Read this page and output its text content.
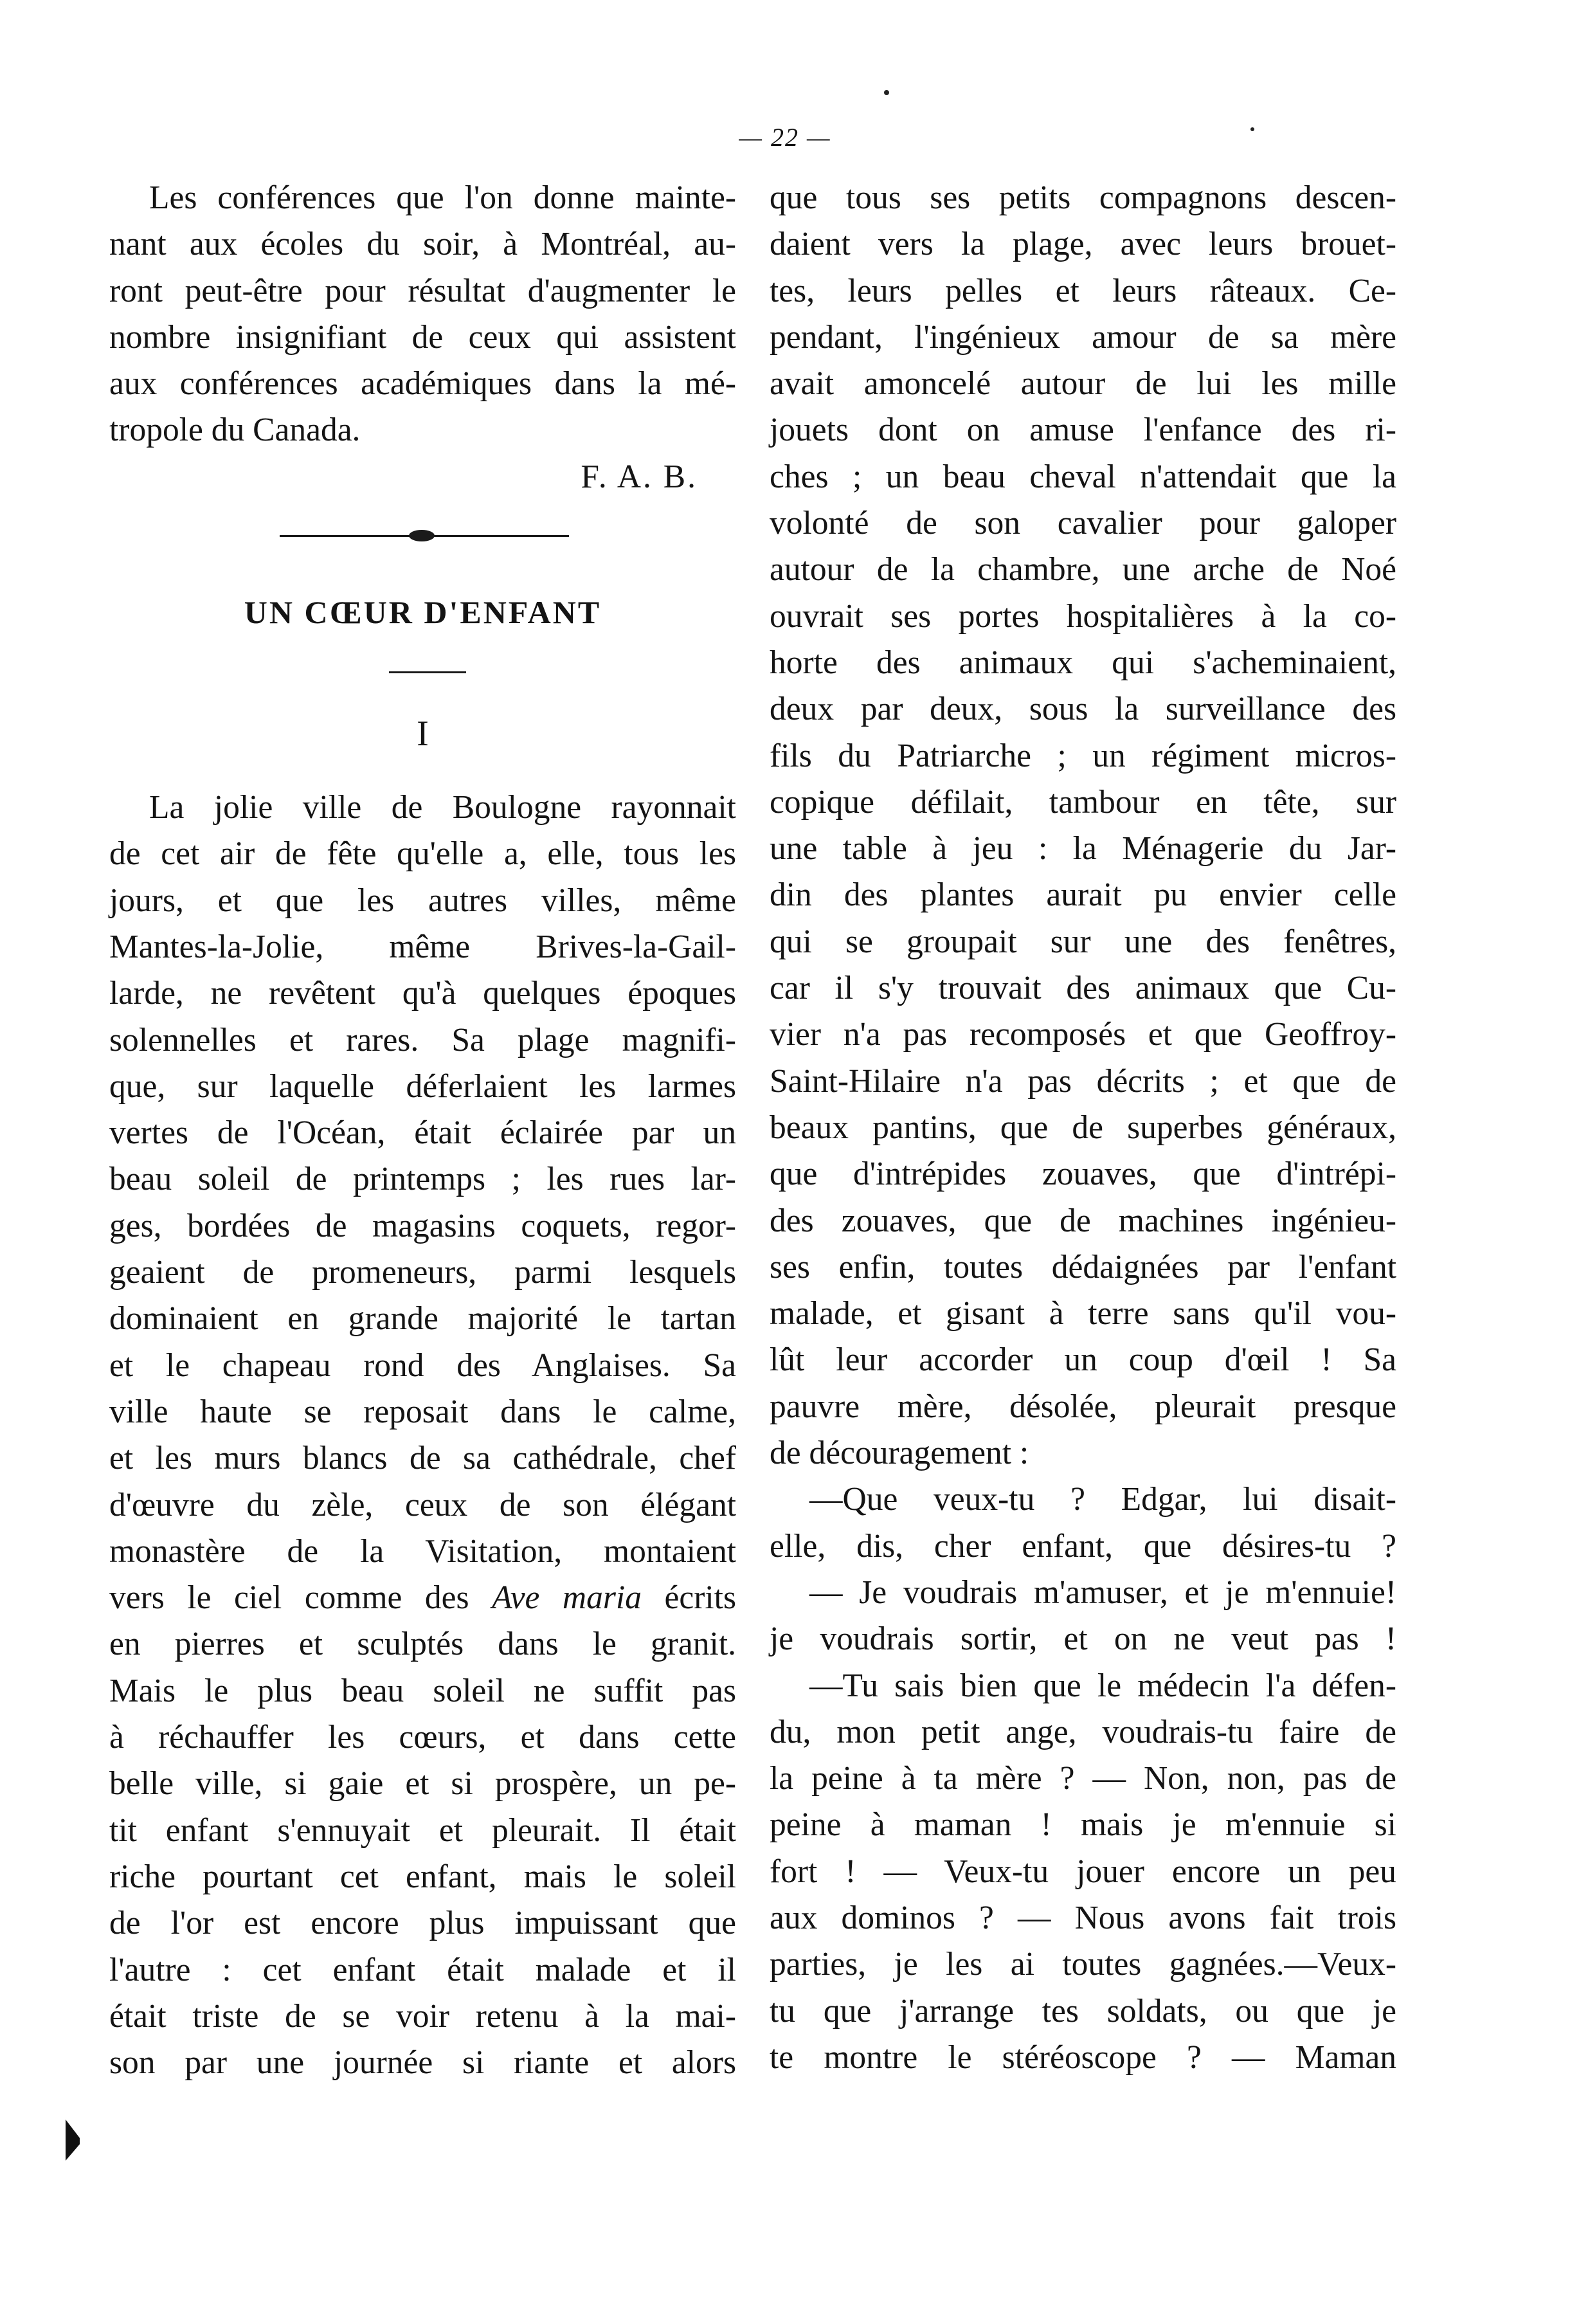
— 22 —
Les conférences que l'on donne mainte-
nant aux écoles du soir, à Montréal, au-
ront peut-être pour résultat d'augmenter le
nombre insignifiant de ceux qui assistent
aux conférences académiques dans la mé-
tropole du Canada.
F. A. B.
UN CŒUR D'ENFANT
I
La jolie ville de Boulogne rayonnait
de cet air de fête qu'elle a, elle, tous les
jours, et que les autres villes, même
Mantes-la-Jolie, même Brives-la-Gail-
larde, ne revêtent qu'à quelques époques
solennelles et rares. Sa plage magnifi-
que, sur laquelle déferlaient les larmes
vertes de l'Océan, était éclairée par un
beau soleil de printemps ; les rues lar-
ges, bordées de magasins coquets, regor-
geaient de promeneurs, parmi lesquels
dominaient en grande majorité le tartan
et le chapeau rond des Anglaises. Sa
ville haute se reposait dans le calme,
et les murs blancs de sa cathédrale, chef
d'œuvre du zèle, ceux de son élégant
monastère de la Visitation, montaient
vers le ciel comme des Ave maria écrits
en pierres et sculptés dans le granit.
Mais le plus beau soleil ne suffit pas
à réchauffer les cœurs, et dans cette
belle ville, si gaie et si prospère, un pe-
tit enfant s'ennuyait et pleurait. Il était
riche pourtant cet enfant, mais le soleil
de l'or est encore plus impuissant que
l'autre : cet enfant était malade et il
était triste de se voir retenu à la mai-
son par une journée si riante et alors
que tous ses petits compagnons descen-
daient vers la plage, avec leurs brouet-
tes, leurs pelles et leurs râteaux. Ce-
pendant, l'ingénieux amour de sa mère
avait amoncelé autour de lui les mille
jouets dont on amuse l'enfance des ri-
ches ; un beau cheval n'attendait que la
volonté de son cavalier pour galoper
autour de la chambre, une arche de Noé
ouvrait ses portes hospitalières à la co-
horte des animaux qui s'acheminaient,
deux par deux, sous la surveillance des
fils du Patriarche ; un régiment micros-
copique défilait, tambour en tête, sur
une table à jeu : la Ménagerie du Jar-
din des plantes aurait pu envier celle
qui se groupait sur une des fenêtres,
car il s'y trouvait des animaux que Cu-
vier n'a pas recomposés et que Geoffroy-
Saint-Hilaire n'a pas décrits ; et que de
beaux pantins, que de superbes généraux,
que d'intrépides zouaves, que d'intrépi-
des zouaves, que de machines ingénieu-
ses enfin, toutes dédaignées par l'enfant
malade, et gisant à terre sans qu'il vou-
lût leur accorder un coup d'œil ! Sa
pauvre mère, désolée, pleurait presque
de découragement :
—Que veux-tu ? Edgar, lui disait-
elle, dis, cher enfant, que désires-tu ?
— Je voudrais m'amuser, et je m'ennuie!
je voudrais sortir, et on ne veut pas !
—Tu sais bien que le médecin l'a défen-
du, mon petit ange, voudrais-tu faire de
la peine à ta mère ? — Non, non, pas de
peine à maman ! mais je m'ennuie si
fort ! — Veux-tu jouer encore un peu
aux dominos ? — Nous avons fait trois
parties, je les ai toutes gagnées.—Veux-
tu que j'arrange tes soldats, ou que je
te montre le stéréoscope ? — Maman
